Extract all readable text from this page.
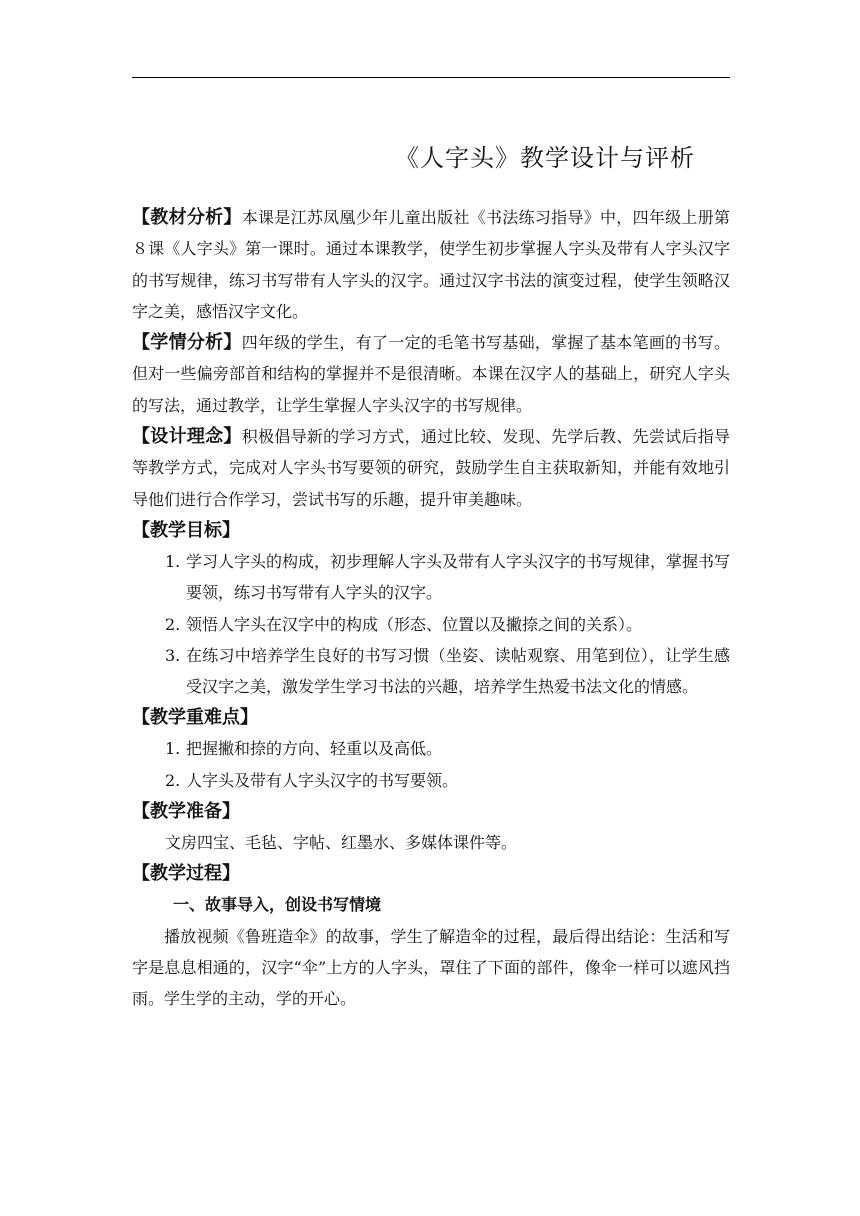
《人字头》教学设计与评析

【教材分析】本课是江苏凤凰少年儿童出版社《书法练习指导》中，四年级上册第８课《人字头》第一课时。通过本课教学，使学生初步掌握人字头及带有人字头汉字的书写规律，练习书写带有人字头的汉字。通过汉字书法的演变过程，使学生领略汉字之美，感悟汉字文化。

【学情分析】四年级的学生，有了一定的毛笔书写基础，掌握了基本笔画的书写。但对一些偏旁部首和结构的掌握并不是很清晰。本课在汉字人的基础上，研究人字头的写法，通过教学，让学生掌握人字头汉字的书写规律。

【设计理念】积极倡导新的学习方式，通过比较、发现、先学后教、先尝试后指导等教学方式，完成对人字头书写要领的研究，鼓励学生自主获取新知，并能有效地引导他们进行合作学习，尝试书写的乐趣，提升审美趣味。

【教学目标】

1. 学习人字头的构成，初步理解人字头及带有人字头汉字的书写规律，掌握书写要领，练习书写带有人字头的汉字。
2. 领悟人字头在汉字中的构成（形态、位置以及撇捺之间的关系）。
3. 在练习中培养学生良好的书写习惯（坐姿、读帖观察、用笔到位），让学生感受汉字之美，激发学生学习书法的兴趣，培养学生热爱书法文化的情感。

【教学重难点】

1. 把握撇和捺的方向、轻重以及高低。
2. 人字头及带有人字头汉字的书写要领。

【教学准备】

文房四宝、毛毡、字帖、红墨水、多媒体课件等。

【教学过程】

一、故事导入，创设书写情境

播放视频《鲁班造伞》的故事，学生了解造伞的过程，最后得出结论：生活和写字是息息相通的，汉字“伞”上方的人字头，罩住了下面的部件，像伞一样可以遮风挡雨。学生学的主动，学的开心。
